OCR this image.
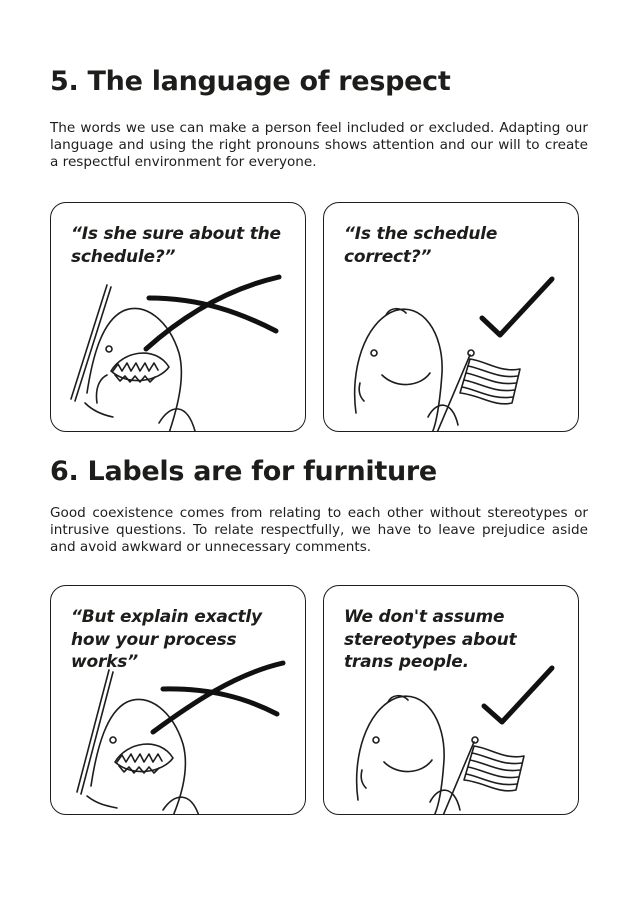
5. The language of respect

The words we use can make a person feel included or excluded. Adapting our language and using the right pronouns shows attention and our will to create a respectful environment for everyone.

“Is she sure about the schedule?”

“Is the schedule correct?”

6. Labels are for furniture

Good coexistence comes from relating to each other without stereotypes or intrusive questions. To relate respectfully, we have to leave prejudice aside and avoid awkward or unnecessary comments.

“But explain exactly how your process works”

We don't assume stereotypes about trans people.
